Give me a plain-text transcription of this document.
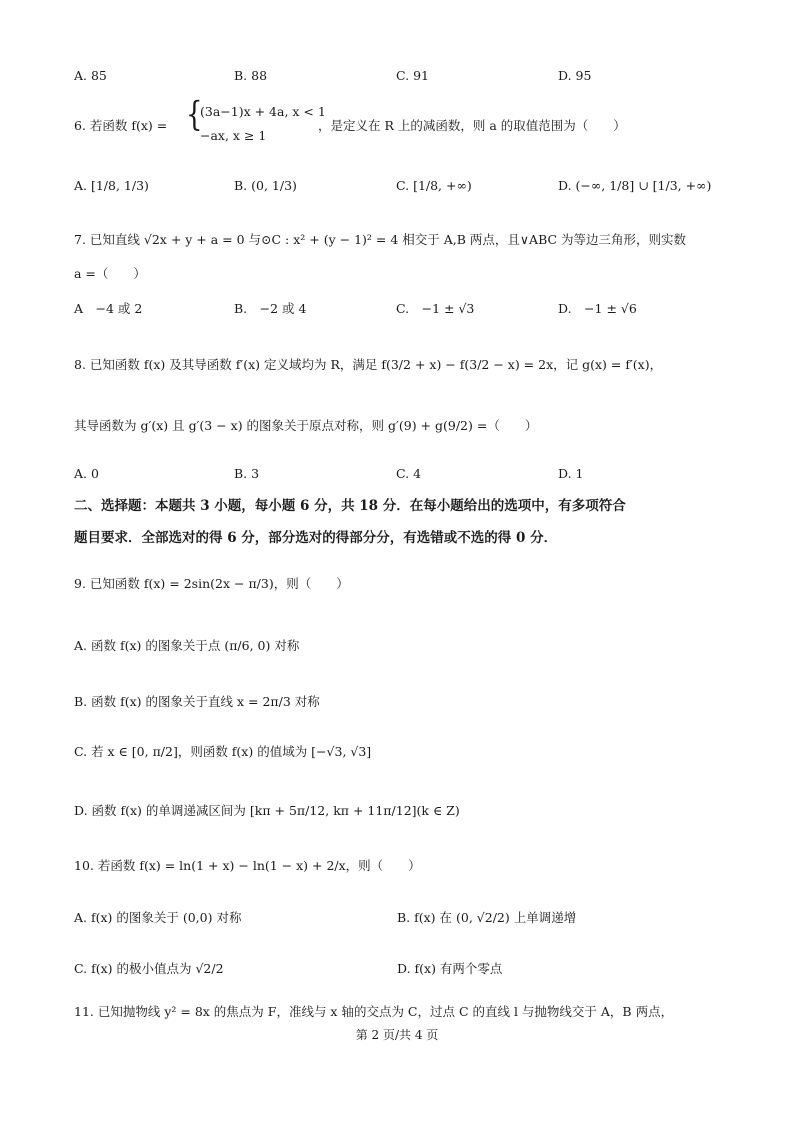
A. 85	B. 88	C. 91	D. 95
6. 若函数 f(x) = {
(3a−1)x + 4a, x < 1
−ax, x ≥ 1
，是定义在 R 上的减函数，则 a 的取值范围为（　　）
A. [1/8, 1/3)	B. (0, 1/3)	C. [1/8, +∞)	D. (−∞, 1/8] ∪ [1/3, +∞)
7. 已知直线 √2x + y + a = 0 与⊙C : x² + (y − 1)² = 4 相交于 A,B 两点，且∨ABC 为等边三角形，则实数
a =（　　）
A　−4 或 2	B.　−2 或 4	C.　−1 ± √3	D.　−1 ± √6
8. 已知函数 f(x) 及其导函数 f′(x) 定义域均为 R，满足 f(3/2 + x) − f(3/2 − x) = 2x，记 g(x) = f′(x)，
其导函数为 g′(x) 且 g′(3 − x) 的图象关于原点对称，则 g′(9) + g(9/2) =（　　）
A. 0	B. 3	C. 4	D. 1
二、选择题：本题共 3 小题，每小题 6 分，共 18 分．在每小题给出的选项中，有多项符合
题目要求．全部选对的得 6 分，部分选对的得部分分，有选错或不选的得 0 分．
9. 已知函数 f(x) = 2sin(2x − π/3)，则（　　）
A. 函数 f(x) 的图象关于点 (π/6, 0) 对称
B. 函数 f(x) 的图象关于直线 x = 2π/3 对称
C. 若 x ∈ [0, π/2]，则函数 f(x) 的值域为 [−√3, √3]
D. 函数 f(x) 的单调递减区间为 [kπ + 5π/12, kπ + 11π/12](k ∈ Z)
10. 若函数 f(x) = ln(1 + x) − ln(1 − x) + 2/x，则（　　）
A. f(x) 的图象关于 (0,0) 对称	B. f(x) 在 (0, √2/2) 上单调递增
C. f(x) 的极小值点为 √2/2	D. f(x) 有两个零点
11. 已知抛物线 y² = 8x 的焦点为 F，准线与 x 轴的交点为 C，过点 C 的直线 l 与抛物线交于 A，B 两点，
第 2 页/共 4 页
